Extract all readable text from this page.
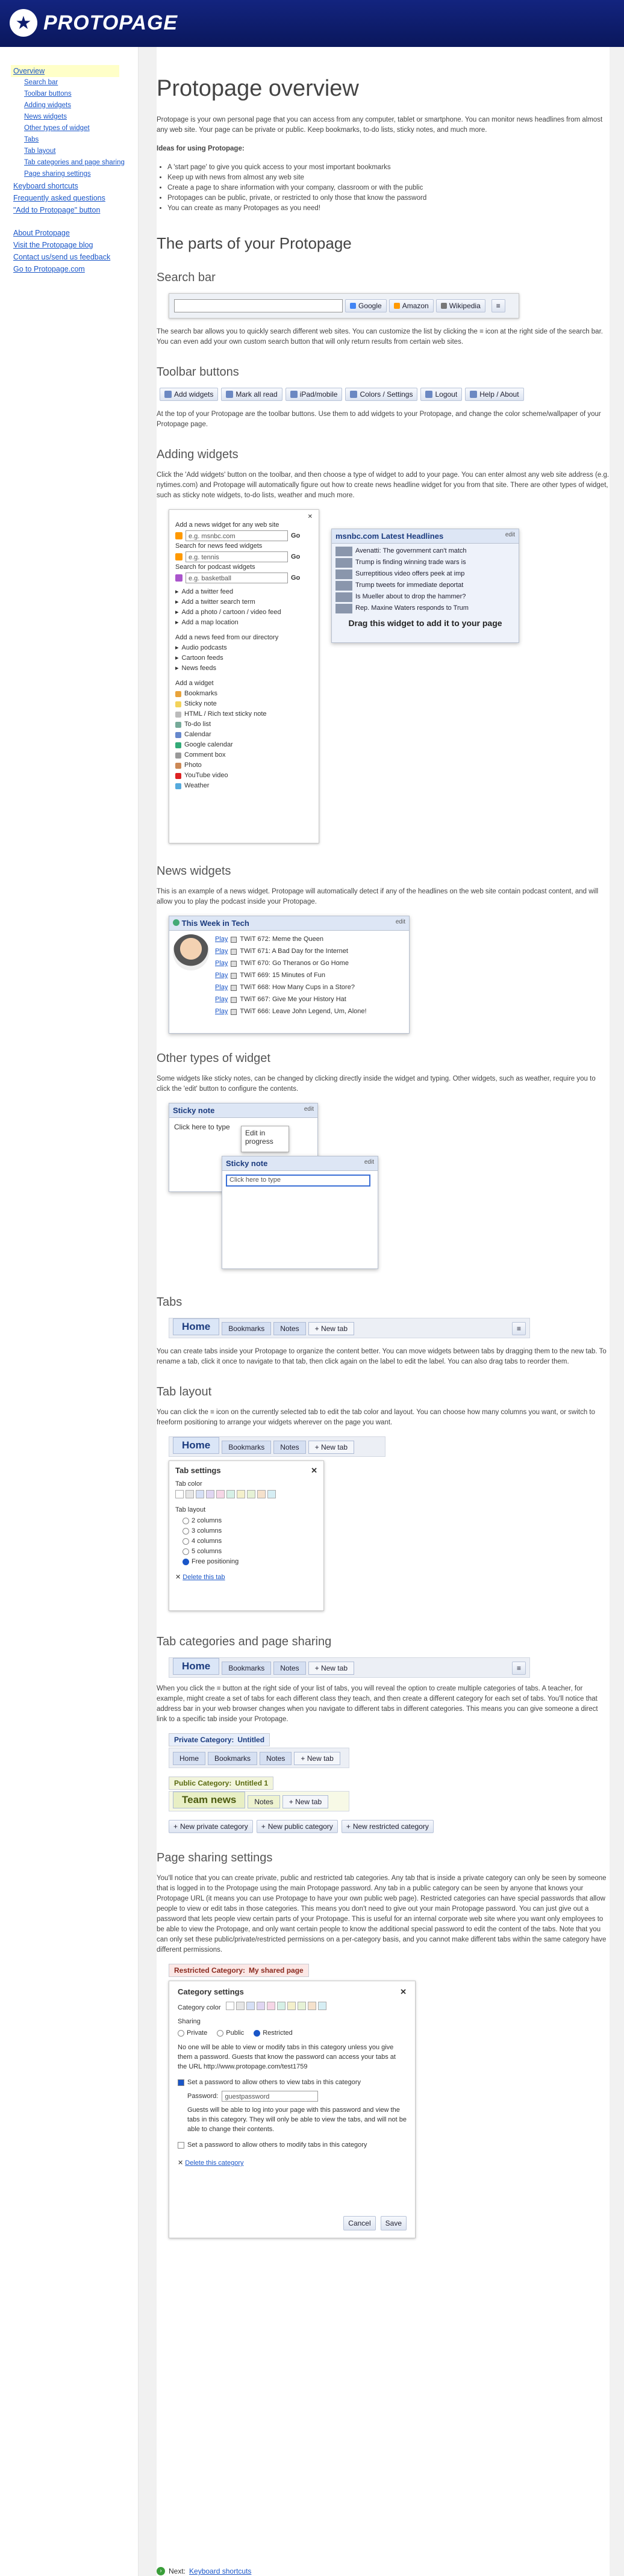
★ PROTOPAGE
Overview
Search bar
Toolbar buttons
Adding widgets
News widgets
Other types of widget
Tabs
Tab layout
Tab categories and page sharing
Page sharing settings
Keyboard shortcuts
Frequently asked questions
"Add to Protopage" button
About Protopage
Visit the Protopage blog
Contact us/send us feedback
Go to Protopage.com
Protopage overview

Protopage is your own personal page that you can access from any computer, tablet or smartphone. You can monitor news headlines from almost any web site. Your page can be private or public. Keep bookmarks, to-do lists, sticky notes, and much more.

Ideas for using Protopage:

• A 'start page' to give you quick access to your most important bookmarks
• Keep up with news from almost any web site
• Create a page to share information with your company, classroom or with the public
• Protopages can be public, private, or restricted to only those that know the password
• You can create as many Protopages as you need!
The parts of your Protopage
Search bar
Google	Amazon	Wikipedia	≡

The search bar allows you to quickly search different web sites. You can customize the list by clicking the ≡ icon at the right side of the search bar. You can even add your own custom search button that will only return results from certain web sites.

Toolbar buttons
Add widgets	Mark all read	iPad/mobile	Colors / Settings	Logout	Help / About

At the top of your Protopage are the toolbar buttons. Use them to add widgets to your Protopage, and change the color scheme/wallpaper of your Protopage page.

Adding widgets

Click the 'Add widgets' button on the toolbar, and then choose a type of widget to add to your page. You can enter almost any web site address (e.g. nytimes.com) and Protopage will automatically figure out how to create news headline widget for you from that site. There are other types of widget, such as sticky note widgets, to-do lists, weather and much more.

✕
Add a news widget for any web site
e.g. msnbc.com	Go
Search for news feed widgets
e.g. tennis	Go
Search for podcast widgets
e.g. basketball	Go
▸ Add a twitter feed
▸ Add a twitter search term
▸ Add a photo / cartoon / video feed
▸ Add a map location
Add a news feed from our directory
▸ Audio podcasts
▸ Cartoon feeds
▸ News feeds
Add a widget
Bookmarks
Sticky note
HTML / Rich text sticky note
To-do list
Calendar
Google calendar
Comment box
Photo
YouTube video
Weather
msnbc.com Latest Headlines	edit
Avenatti: The government can't match
Trump is finding winning trade wars is
Surreptitious video offers peek at imp
Trump tweets for immediate deportat
Is Mueller about to drop the hammer?
Rep. Maxine Waters responds to Trum
Drag this widget to add it to your page
News widgets

This is an example of a news widget. Protopage will automatically detect if any of the headlines on the web site contain podcast content, and will allow you to play the podcast inside your Protopage.

This Week in Tech	edit
Play TWiT 672: Meme the Queen
Play TWiT 671: A Bad Day for the Internet
Play TWiT 670: Go Theranos or Go Home
Play TWiT 669: 15 Minutes of Fun
Play TWiT 668: How Many Cups in a Store?
Play TWiT 667: Give Me your History Hat
Play TWiT 666: Leave John Legend, Um, Alone!
Other types of widget

Some widgets like sticky notes, can be changed by clicking directly inside the widget and typing. Other widgets, such as weather, require you to click the 'edit' button to configure the contents.

Sticky note	edit
Click here to type
Edit in progress
Sticky note	edit
Click here to type
Tabs
Home	Bookmarks	Notes	+ New tab	≡

You can create tabs inside your Protopage to organize the content better. You can move widgets between tabs by dragging them to the new tab. To rename a tab, click it once to navigate to that tab, then click again on the label to edit the label. You can also drag tabs to reorder them.

Tab layout

You can click the ≡ icon on the currently selected tab to edit the tab color and layout. You can choose how many columns you want, or switch to freeform positioning to arrange your widgets wherever on the page you want.

Home	Bookmarks	Notes	+ New tab
Tab settings	✕
Tab color
Tab layout
2 columns
3 columns
4 columns
5 columns
Free positioning
✕ Delete this tab
Tab categories and page sharing
Home	Bookmarks	Notes	+ New tab	≡

When you click the ≡ button at the right side of your list of tabs, you will reveal the option to create multiple categories of tabs. A teacher, for example, might create a set of tabs for each different class they teach, and then create a different category for each set of tabs. You'll notice that address bar in your web browser changes when you navigate to different tabs in different categories. This means you can give someone a direct link to a specific tab inside your Protopage.

Private Category: Untitled
Home	Bookmarks	Notes	+ New tab
Public Category: Untitled 1
Team news	Notes	+ New tab
+ New private category	+ New public category	+ New restricted category
Page sharing settings

You'll notice that you can create private, public and restricted tab categories. Any tab that is inside a private category can only be seen by someone that is logged in to the Protopage using the main Protopage password. Any tab in a public category can be seen by anyone that knows your Protopage URL (it means you can use Protopage to have your own public web page). Restricted categories can have special passwords that allow people to view or edit tabs in those categories. This means you don't need to give out your main Protopage password. You can just give out a password that lets people view certain parts of your Protopage. This is useful for an internal corporate web site where you want only employees to be able to view the Protopage, and only want certain people to know the additional special password to edit the content of the tabs. Note that you can only set these public/private/restricted permissions on a per-category basis, and you cannot make different tabs within the same category have different permissions.

Restricted Category: My shared page
Category settings	✕
Category color
Sharing
Private	Public	Restricted
No one will be able to view or modify tabs in this category unless you give them a password. Guests that know the password can access your tabs at the URL http://www.protopage.com/test1759
Set a password to allow others to view tabs in this category
Password:	guestpassword
Guests will be able to log into your page with this password and view the tabs in this category. They will only be able to view the tabs, and will not be able to change their contents.
Set a password to allow others to modify tabs in this category
✕ Delete this category
Cancel	Save
› Next: Keyboard shortcuts
